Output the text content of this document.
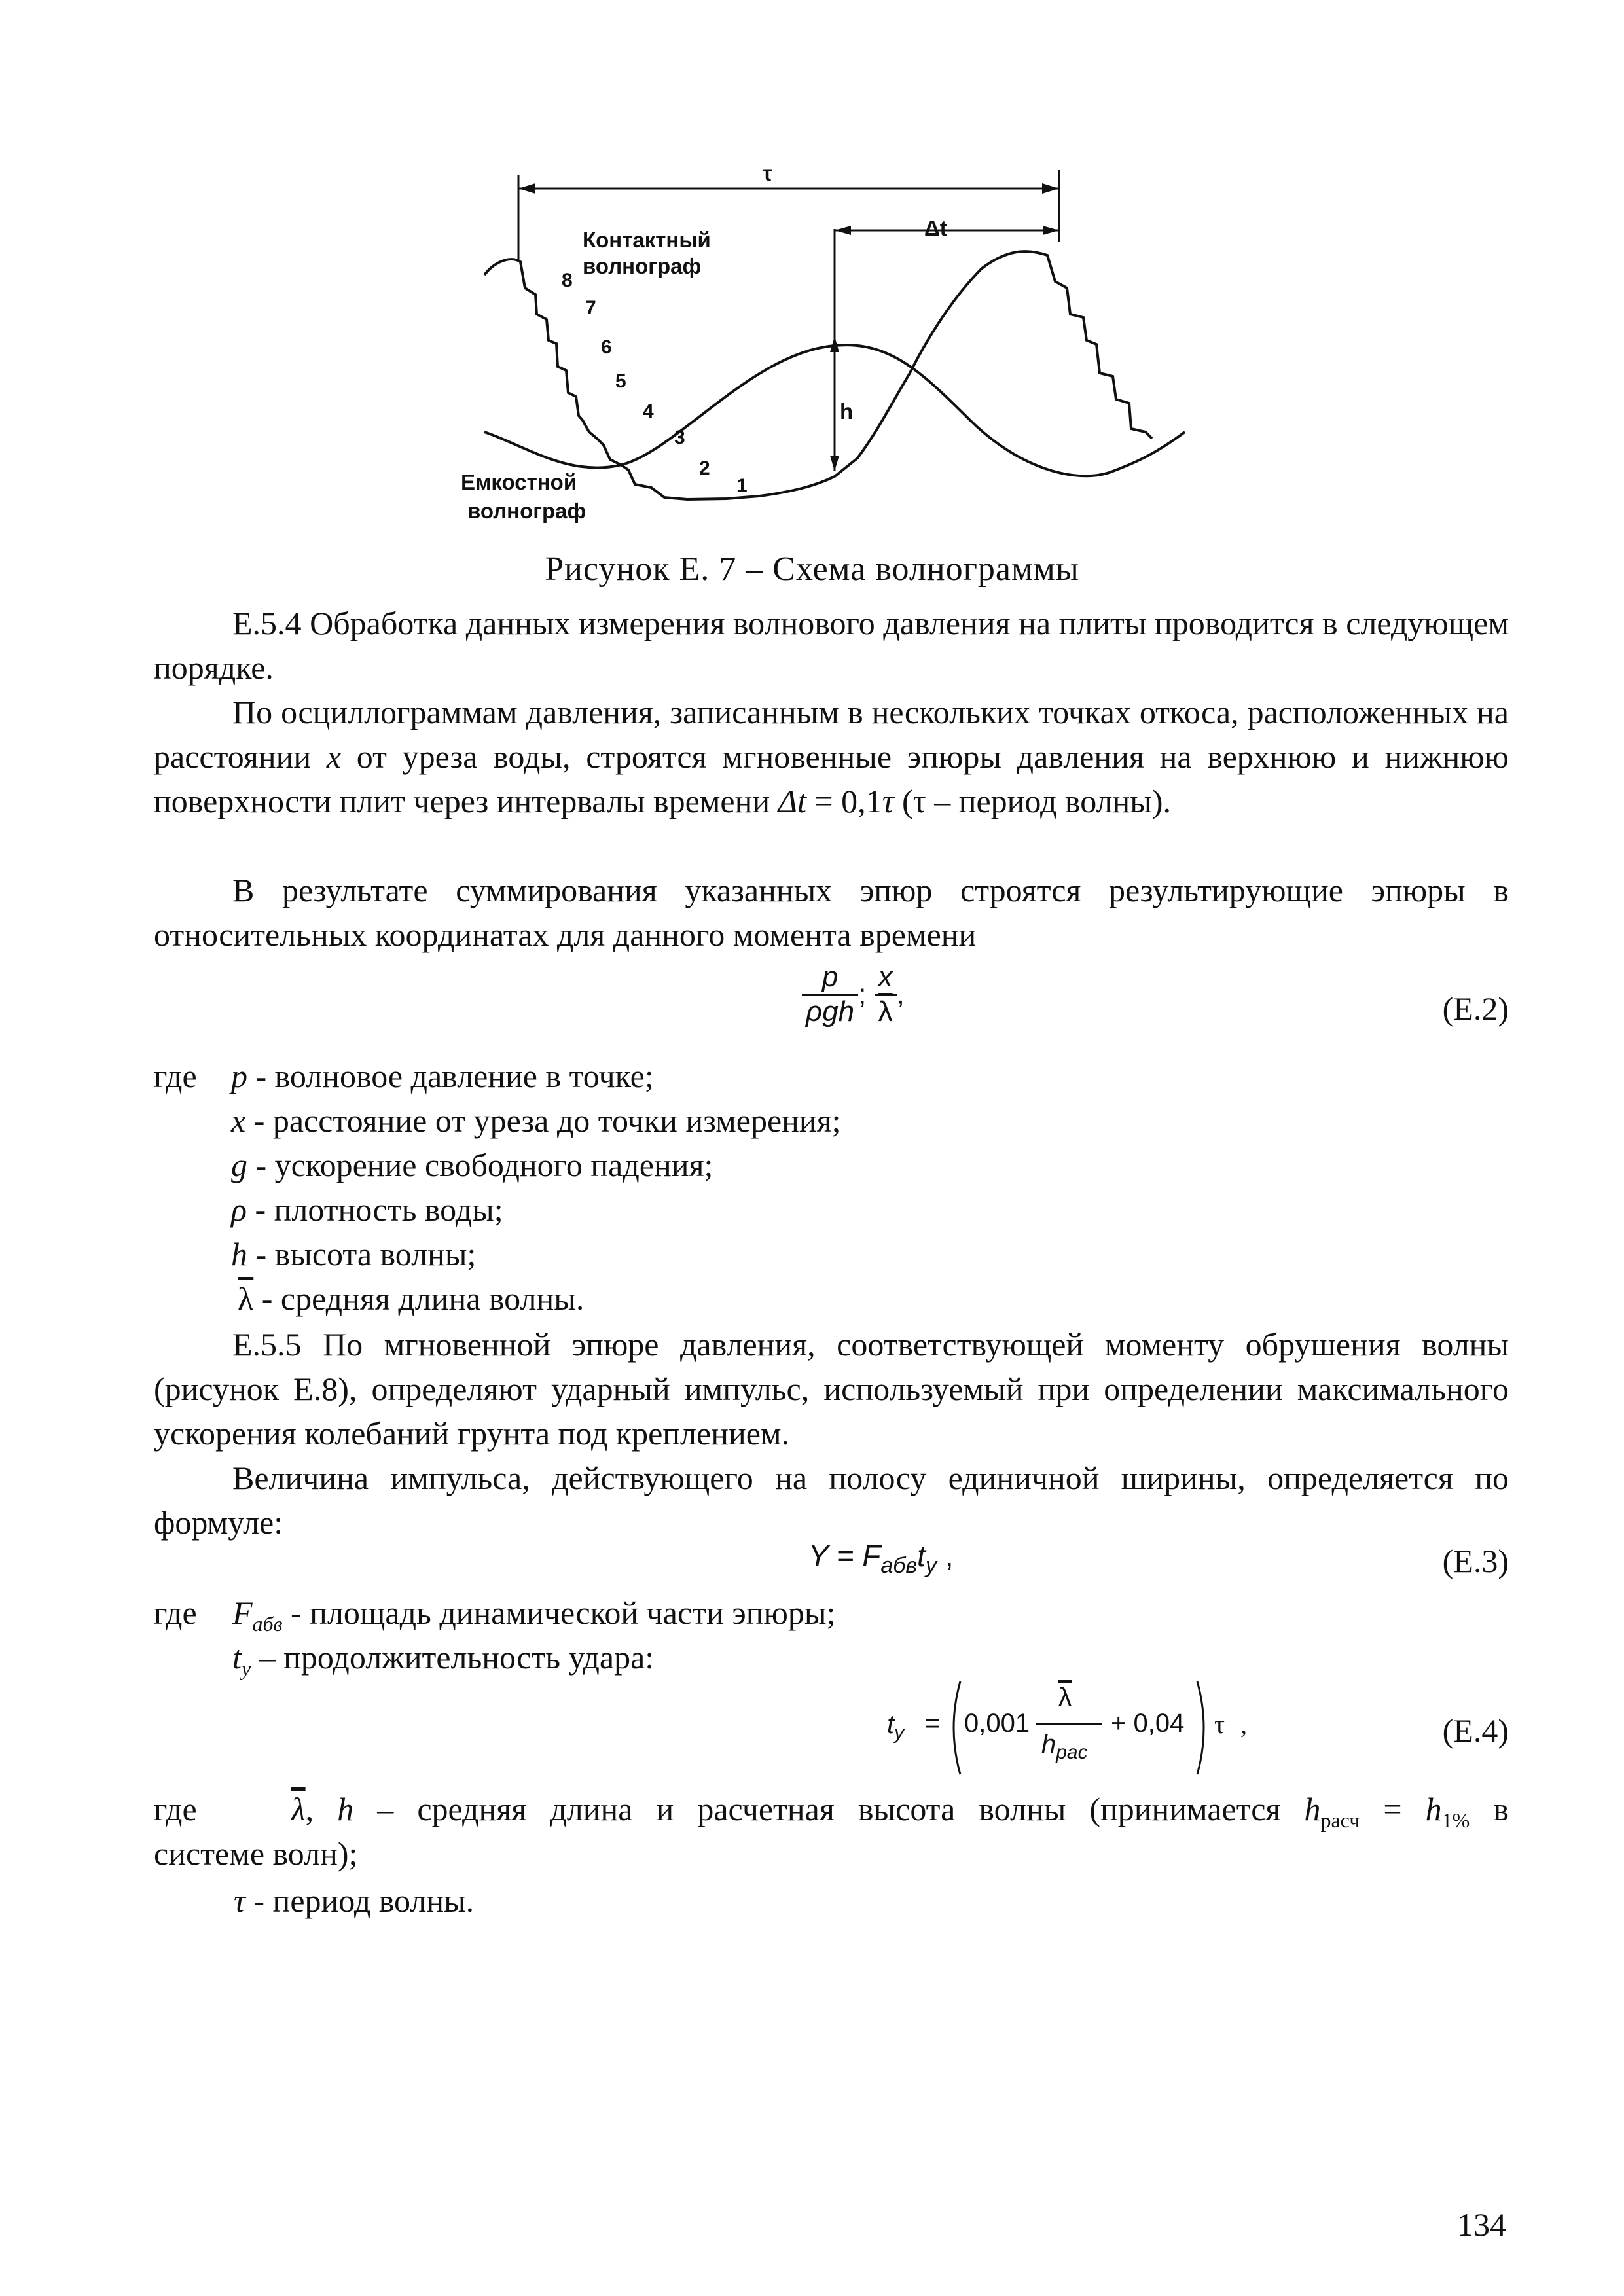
τ
Δt
h
Контактный
волнограф
Емкостной
волнограф
8
7
6
5
4
3
2
1
Рисунок Е. 7 – Схема волнограммы

Е.5.4 Обработка данных измерения волнового давления на плиты проводится в следующем порядке.

По осциллограммам давления, записанным в нескольких точках откоса, расположенных на расстоянии x от уреза воды, строятся мгновенные эпюры давления на верхнюю и нижнюю поверхности плит через интервалы времени Δt = 0,1τ (τ – период волны).

В результате суммирования указанных эпюр строятся результирующие эпюры в относительных координатах для данного момента времени

$\frac{p}{\text{ρgh}}$ ; $\frac{x}{\lambda}$ ,	(Е.2)
где p - волновое давление в точке;
x - расстояние от уреза до точки измерения;
g - ускорение свободного падения;
ρ - плотность воды;
h - высота волны;
$\overline{\lambda}$ - средняя длина волны.

Е.5.5 По мгновенной эпюре давления, соответствующей моменту обрушения волны (рисунок Е.8), определяют ударный импульс, используемый при определении максимального ускорения колебаний грунта под креплением.

Величина импульса, действующего на полосу единичной ширины, определяется по формуле:

$Y = F_{абв}t_y$ ,	(Е.3)
где $F_{абв}$ - площадь динамической части эпюры;
$t_y$ – продолжительность удара:
$t_y = 0,001$
$\overline{\lambda}$
$h_{рас}$
+ 0,04 τ ,	(Е.4)
где	$\overline{\lambda}$, h – средняя длина и расчетная высота волны (принимается $h_{расч} = h_{1\%}$ в
системе волн);
τ - период волны.
134
